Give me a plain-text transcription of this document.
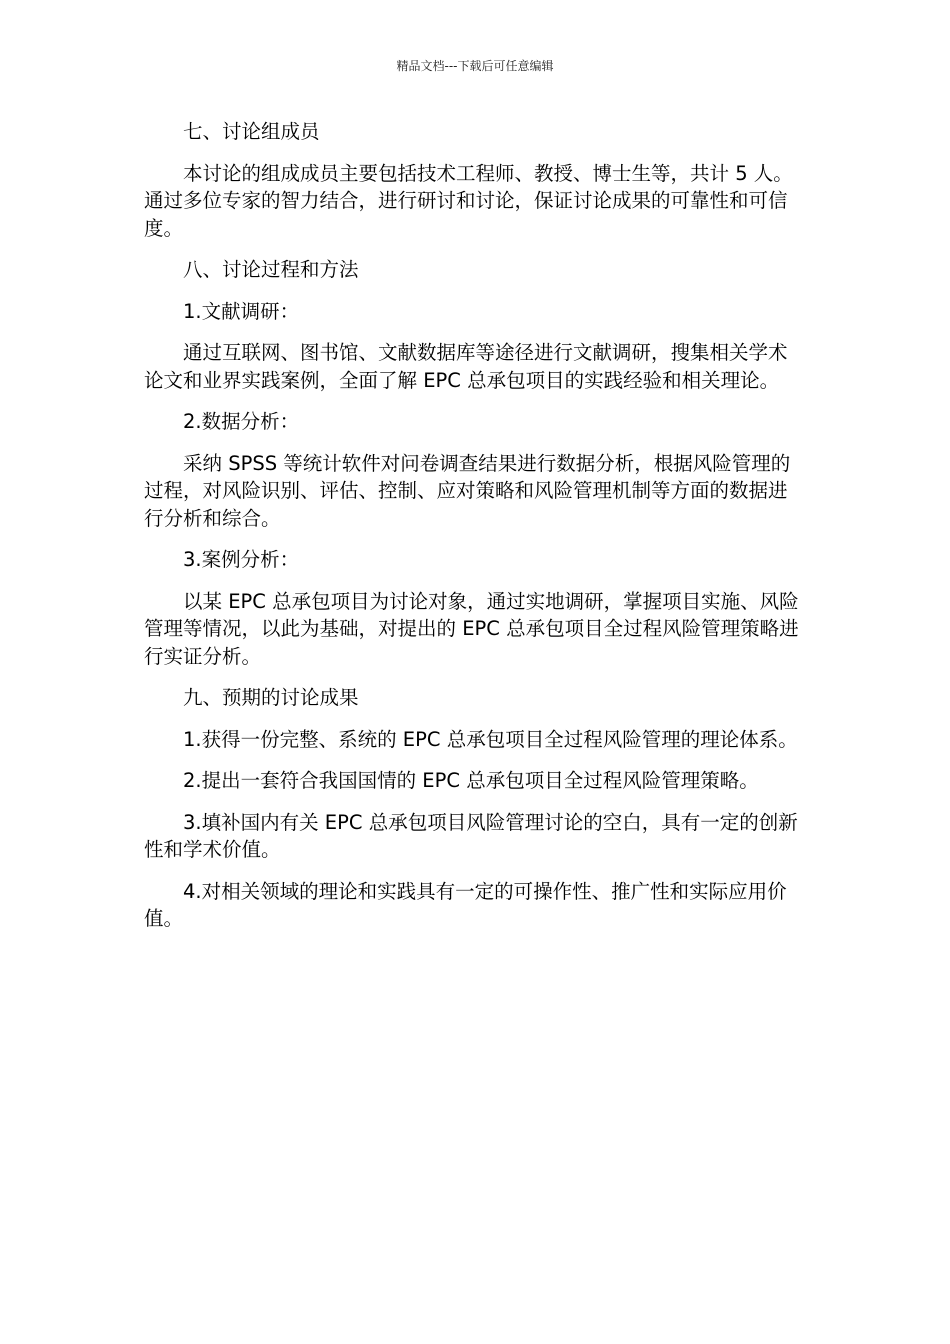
精品文档---下载后可任意编辑

七、讨论组成员

本讨论的组成成员主要包括技术工程师、教授、博士生等，共计 5 人。通过多位专家的智力结合，进行研讨和讨论，保证讨论成果的可靠性和可信度。

八、讨论过程和方法

1.文献调研：

通过互联网、图书馆、文献数据库等途径进行文献调研，搜集相关学术论文和业界实践案例，全面了解 EPC 总承包项目的实践经验和相关理论。

2.数据分析：

采纳 SPSS 等统计软件对问卷调查结果进行数据分析，根据风险管理的过程，对风险识别、评估、控制、应对策略和风险管理机制等方面的数据进行分析和综合。

3.案例分析：

以某 EPC 总承包项目为讨论对象，通过实地调研，掌握项目实施、风险管理等情况，以此为基础，对提出的 EPC 总承包项目全过程风险管理策略进行实证分析。

九、预期的讨论成果

1.获得一份完整、系统的 EPC 总承包项目全过程风险管理的理论体系。

2.提出一套符合我国国情的 EPC 总承包项目全过程风险管理策略。

3.填补国内有关 EPC 总承包项目风险管理讨论的空白，具有一定的创新性和学术价值。

4.对相关领域的理论和实践具有一定的可操作性、推广性和实际应用价值。
